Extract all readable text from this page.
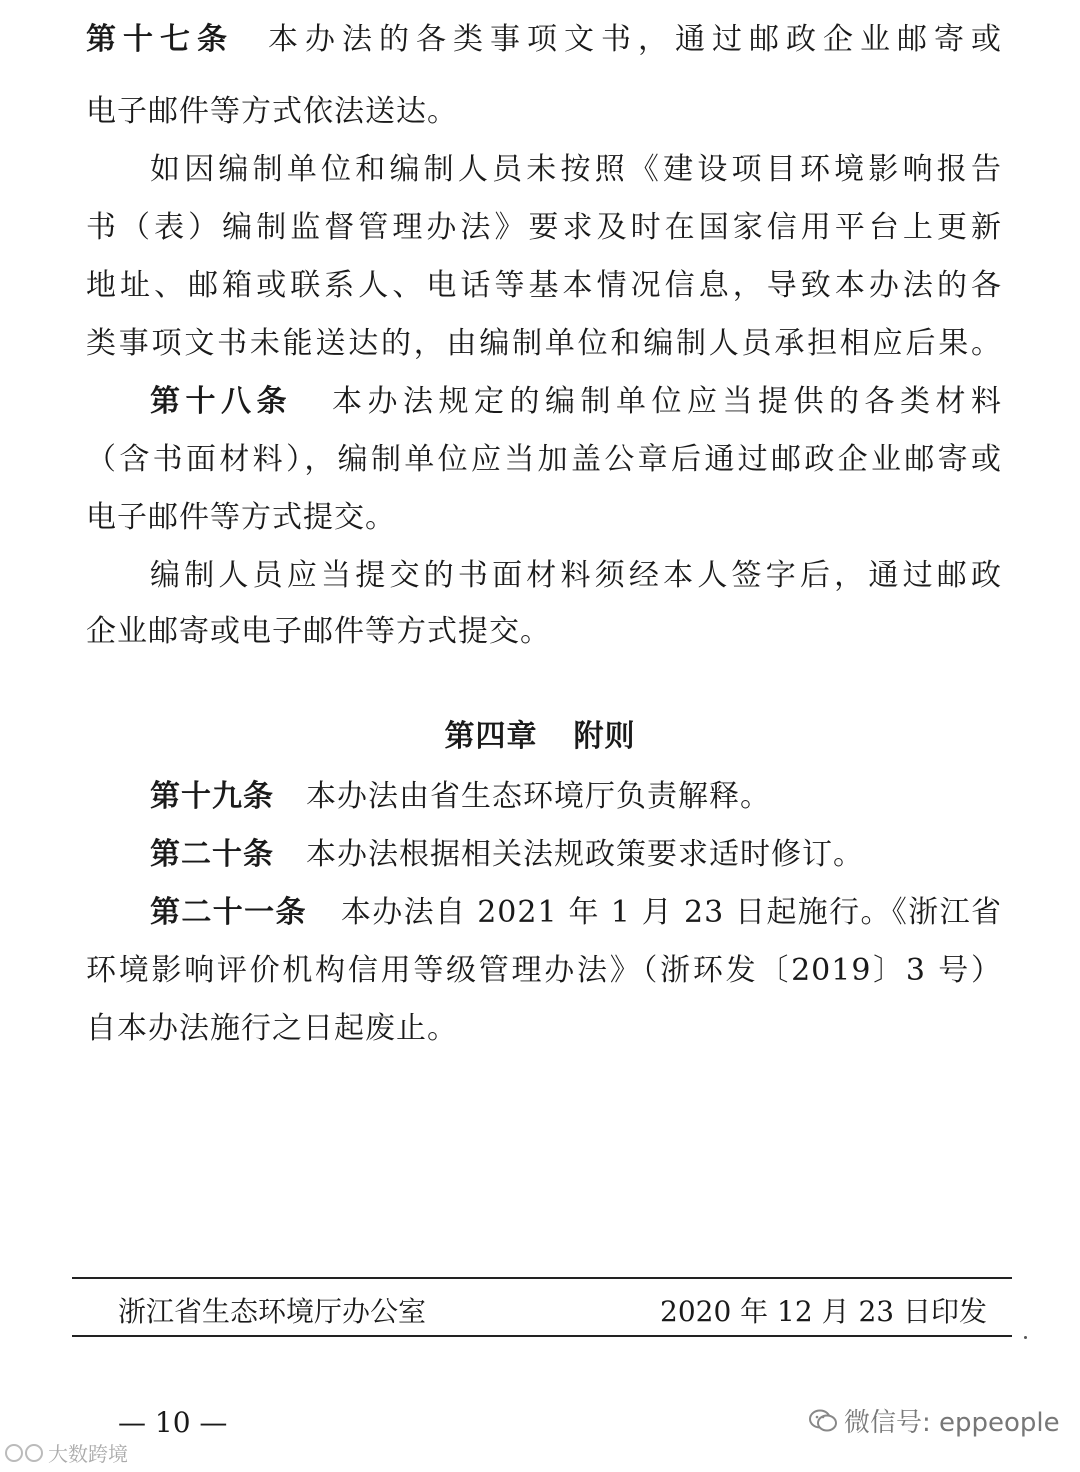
第十七条 本办法的各类事项文书，通过邮政企业邮寄或
电子邮件等方式依法送达。
如因编制单位和编制人员未按照《建设项目环境影响报告
书（表）编制监督管理办法》要求及时在国家信用平台上更新
地址、邮箱或联系人、电话等基本情况信息，导致本办法的各
类事项文书未能送达的，由编制单位和编制人员承担相应后果。
第十八条 本办法规定的编制单位应当提供的各类材料
（含书面材料），编制单位应当加盖公章后通过邮政企业邮寄或
电子邮件等方式提交。
编制人员应当提交的书面材料须经本人签字后，通过邮政
企业邮寄或电子邮件等方式提交。
第四章 附则
第十九条 本办法由省生态环境厅负责解释。
第二十条 本办法根据相关法规政策要求适时修订。
第二十一条 本办法自 2021 年 1 月 23 日起施行。《浙江省
环境影响评价机构信用等级管理办法》（浙环发〔2019〕3 号）
自本办法施行之日起废止。
浙江省生态环境厅办公室	2020 年 12 月 23 日印发
— 10 —	微信号: eppeople
大数跨境
